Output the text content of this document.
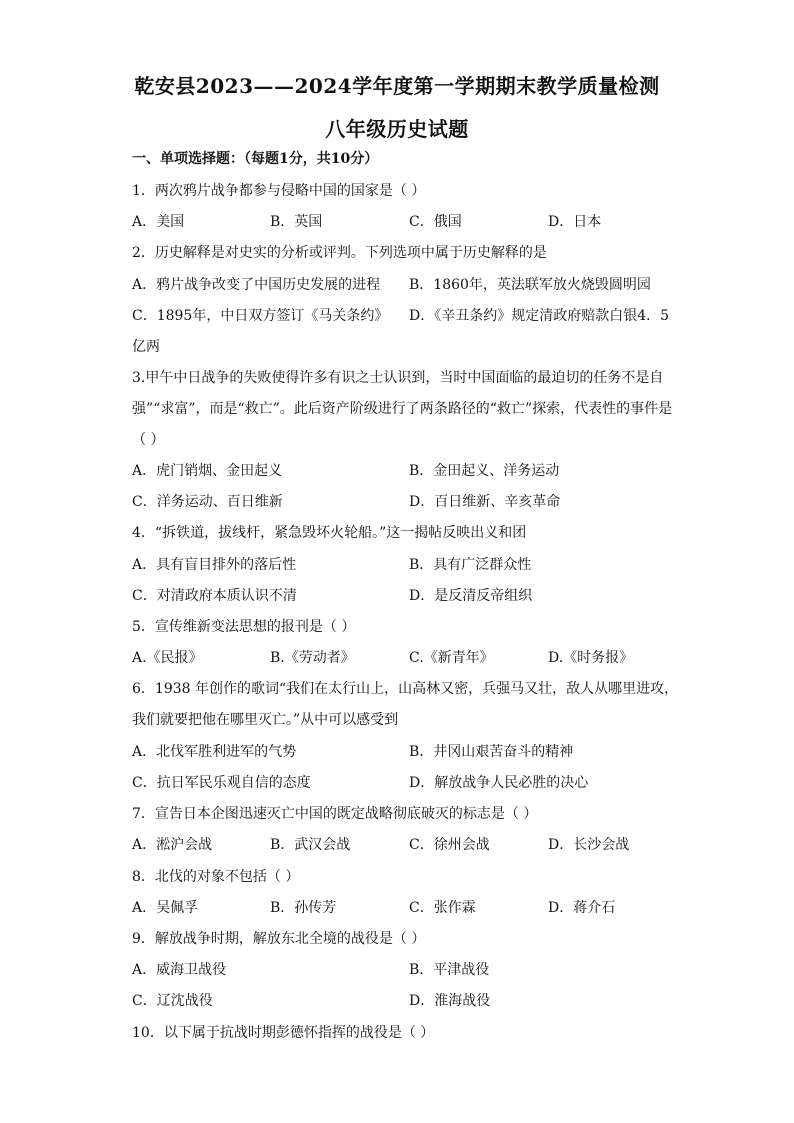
乾安县2023——2024学年度第一学期期末教学质量检测
八年级历史试题
一、单项选择题：（每题1分，共10分）
1．两次鸦片战争都参与侵略中国的国家是（ ）
A．美国	B．英国	C．俄国	D．日本
2．历史解释是对史实的分析或评判。下列选项中属于历史解释的是
A．鸦片战争改变了中国历史发展的进程 B．1860年，英法联军放火烧毁圆明园
C．1895年，中日双方签订《马关条约》 D．《辛丑条约》规定清政府赔款白银4．5
亿两
3.甲午中日战争的失败使得许多有识之士认识到，当时中国面临的最迫切的任务不是自
强”“求富”，而是“救亡”。此后资产阶级进行了两条路径的“救亡”探索，代表性的事件是
（ ）
A．虎门销烟、金田起义	B．金田起义、洋务运动
C．洋务运动、百日维新	D．百日维新、辛亥革命
4．“拆铁道，拔线杆，紧急毁坏火轮船。”这一揭帖反映出义和团
A．具有盲目排外的落后性	B．具有广泛群众性
C．对清政府本质认识不清	D．是反清反帝组织
5．宣传维新变法思想的报刊是（ ）
A.《民报》	B.《劳动者》	C.《新青年》	D.《时务报》
6．1938 年创作的歌词“我们在太行山上，山高林又密，兵强马又壮，敌人从哪里进攻，
我们就要把他在哪里灭亡。”从中可以感受到
A．北伐军胜利进军的气势	B．井冈山艰苦奋斗的精神
C．抗日军民乐观自信的态度	D．解放战争人民必胜的决心
7．宣告日本企图迅速灭亡中国的既定战略彻底破灭的标志是（ ）
A．淞沪会战	B．武汉会战	C．徐州会战	D．长沙会战
8．北伐的对象不包括（ ）
A．吴佩孚	B．孙传芳	C．张作霖	D．蒋介石
9．解放战争时期，解放东北全境的战役是（ ）
A．威海卫战役	B．平津战役
C．辽沈战役	D．淮海战役
10．以下属于抗战时期彭德怀指挥的战役是（ ）
